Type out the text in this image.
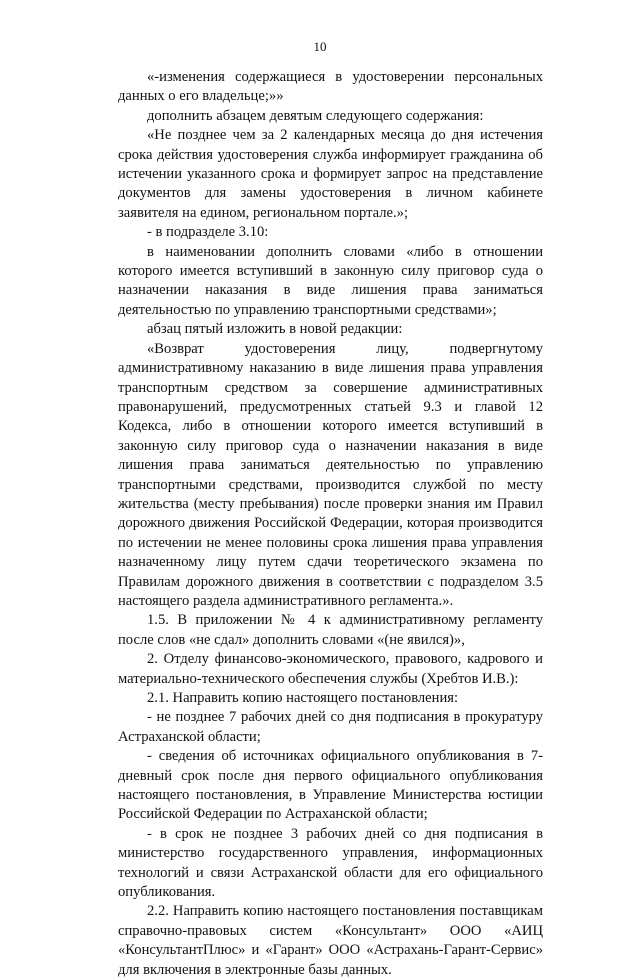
10

«-изменения содержащиеся в удостоверении персональных данных о его владельце;»»

дополнить абзацем девятым следующего содержания:

«Не позднее чем за 2 календарных месяца до дня истечения срока действия удостоверения служба информирует гражданина об истечении указанного срока и формирует запрос на представление документов для замены удостоверения в личном кабинете заявителя на едином, региональном портале.»;

- в подразделе 3.10:

в наименовании дополнить словами «либо в отношении которого имеется вступивший в законную силу приговор суда о назначении наказания в виде лишения права заниматься деятельностью по управлению транспортными средствами»;

абзац пятый изложить в новой редакции:

«Возврат удостоверения лицу, подвергнутому административному наказанию в виде лишения права управления транспортным средством за совершение административных правонарушений, предусмотренных статьей 9.3 и главой 12 Кодекса, либо в отношении которого имеется вступивший в законную силу приговор суда о назначении наказания в виде лишения права заниматься деятельностью по управлению транспортными средствами, производится службой по месту жительства (месту пребывания) после проверки знания им Правил дорожного движения Российской Федерации, которая производится по истечении не менее половины срока лишения права управления назначенному лицу путем сдачи теоретического экзамена по Правилам дорожного движения в соответствии с подразделом 3.5 настоящего раздела административного регламента.».

1.5. В приложении № 4 к административному регламенту после слов «не сдал» дополнить словами «(не явился)»,

2. Отделу финансово-экономического, правового, кадрового и материально-технического обеспечения службы (Хребтов И.В.):

2.1. Направить копию настоящего постановления:

- не позднее 7 рабочих дней со дня подписания в прокуратуру Астраханской области;

- сведения об источниках официального опубликования в 7-дневный срок после дня первого официального опубликования настоящего постановления, в Управление Министерства юстиции Российской Федерации по Астраханской области;

- в срок не позднее 3 рабочих дней со дня подписания в министерство государственного управления, информационных технологий и связи Астраханской области для его официального опубликования.

2.2. Направить копию настоящего постановления поставщикам справочно-правовых систем «Консультант» ООО «АИЦ «КонсультантПлюс» и «Гарант» ООО «Астрахань-Гарант-Сервис» для включения в электронные базы данных.
